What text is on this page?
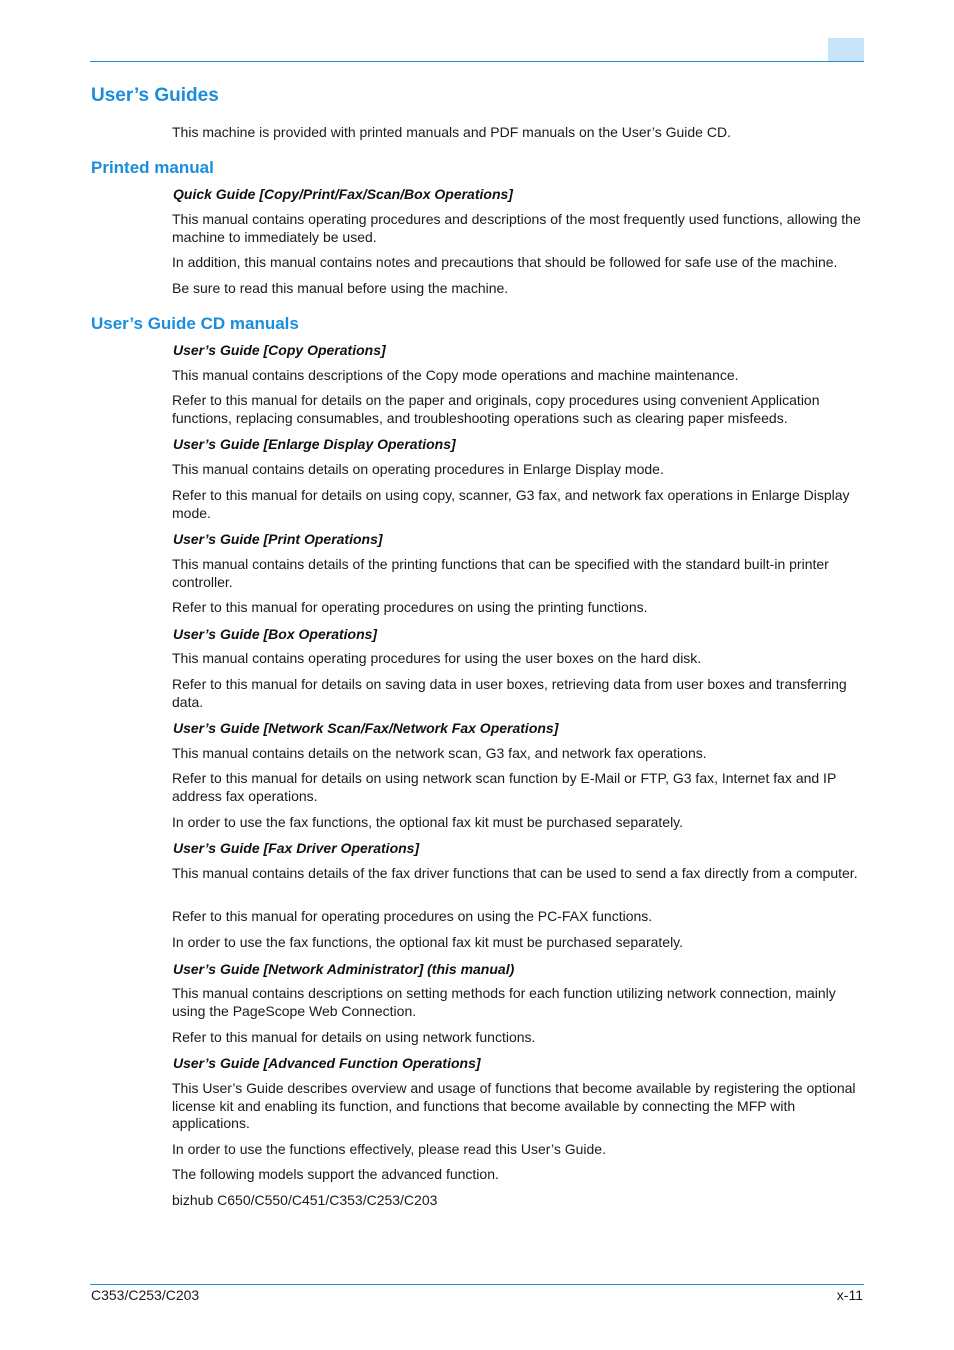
User’s Guides
This machine is provided with printed manuals and PDF manuals on the User’s Guide CD.
Printed manual
Quick Guide [Copy/Print/Fax/Scan/Box Operations]
This manual contains operating procedures and descriptions of the most frequently used functions, allowing the machine to immediately be used.
In addition, this manual contains notes and precautions that should be followed for safe use of the machine.
Be sure to read this manual before using the machine.
User’s Guide CD manuals
User’s Guide [Copy Operations]
This manual contains descriptions of the Copy mode operations and machine maintenance.
Refer to this manual for details on the paper and originals, copy procedures using convenient Application functions, replacing consumables, and troubleshooting operations such as clearing paper misfeeds.
User’s Guide [Enlarge Display Operations]
This manual contains details on operating procedures in Enlarge Display mode.
Refer to this manual for details on using copy, scanner, G3 fax, and network fax operations in Enlarge Display mode.
User’s Guide [Print Operations]
This manual contains details of the printing functions that can be specified with the standard built-in printer controller.
Refer to this manual for operating procedures on using the printing functions.
User’s Guide [Box Operations]
This manual contains operating procedures for using the user boxes on the hard disk.
Refer to this manual for details on saving data in user boxes, retrieving data from user boxes and transferring data.
User’s Guide [Network Scan/Fax/Network Fax Operations]
This manual contains details on the network scan, G3 fax, and network fax operations.
Refer to this manual for details on using network scan function by E-Mail or FTP, G3 fax, Internet fax and IP address fax operations.
In order to use the fax functions, the optional fax kit must be purchased separately.
User’s Guide [Fax Driver Operations]
This manual contains details of the fax driver functions that can be used to send a fax directly from a computer.
Refer to this manual for operating procedures on using the PC-FAX functions.
In order to use the fax functions, the optional fax kit must be purchased separately.
User’s Guide [Network Administrator] (this manual)
This manual contains descriptions on setting methods for each function utilizing network connection, mainly using the PageScope Web Connection.
Refer to this manual for details on using network functions.
User’s Guide [Advanced Function Operations]
This User’s Guide describes overview and usage of functions that become available by registering the optional license kit and enabling its function, and functions that become available by connecting the MFP with applications.
In order to use the functions effectively, please read this User’s Guide.
The following models support the advanced function.
bizhub C650/C550/C451/C353/C253/C203
C353/C253/C203	x-11
